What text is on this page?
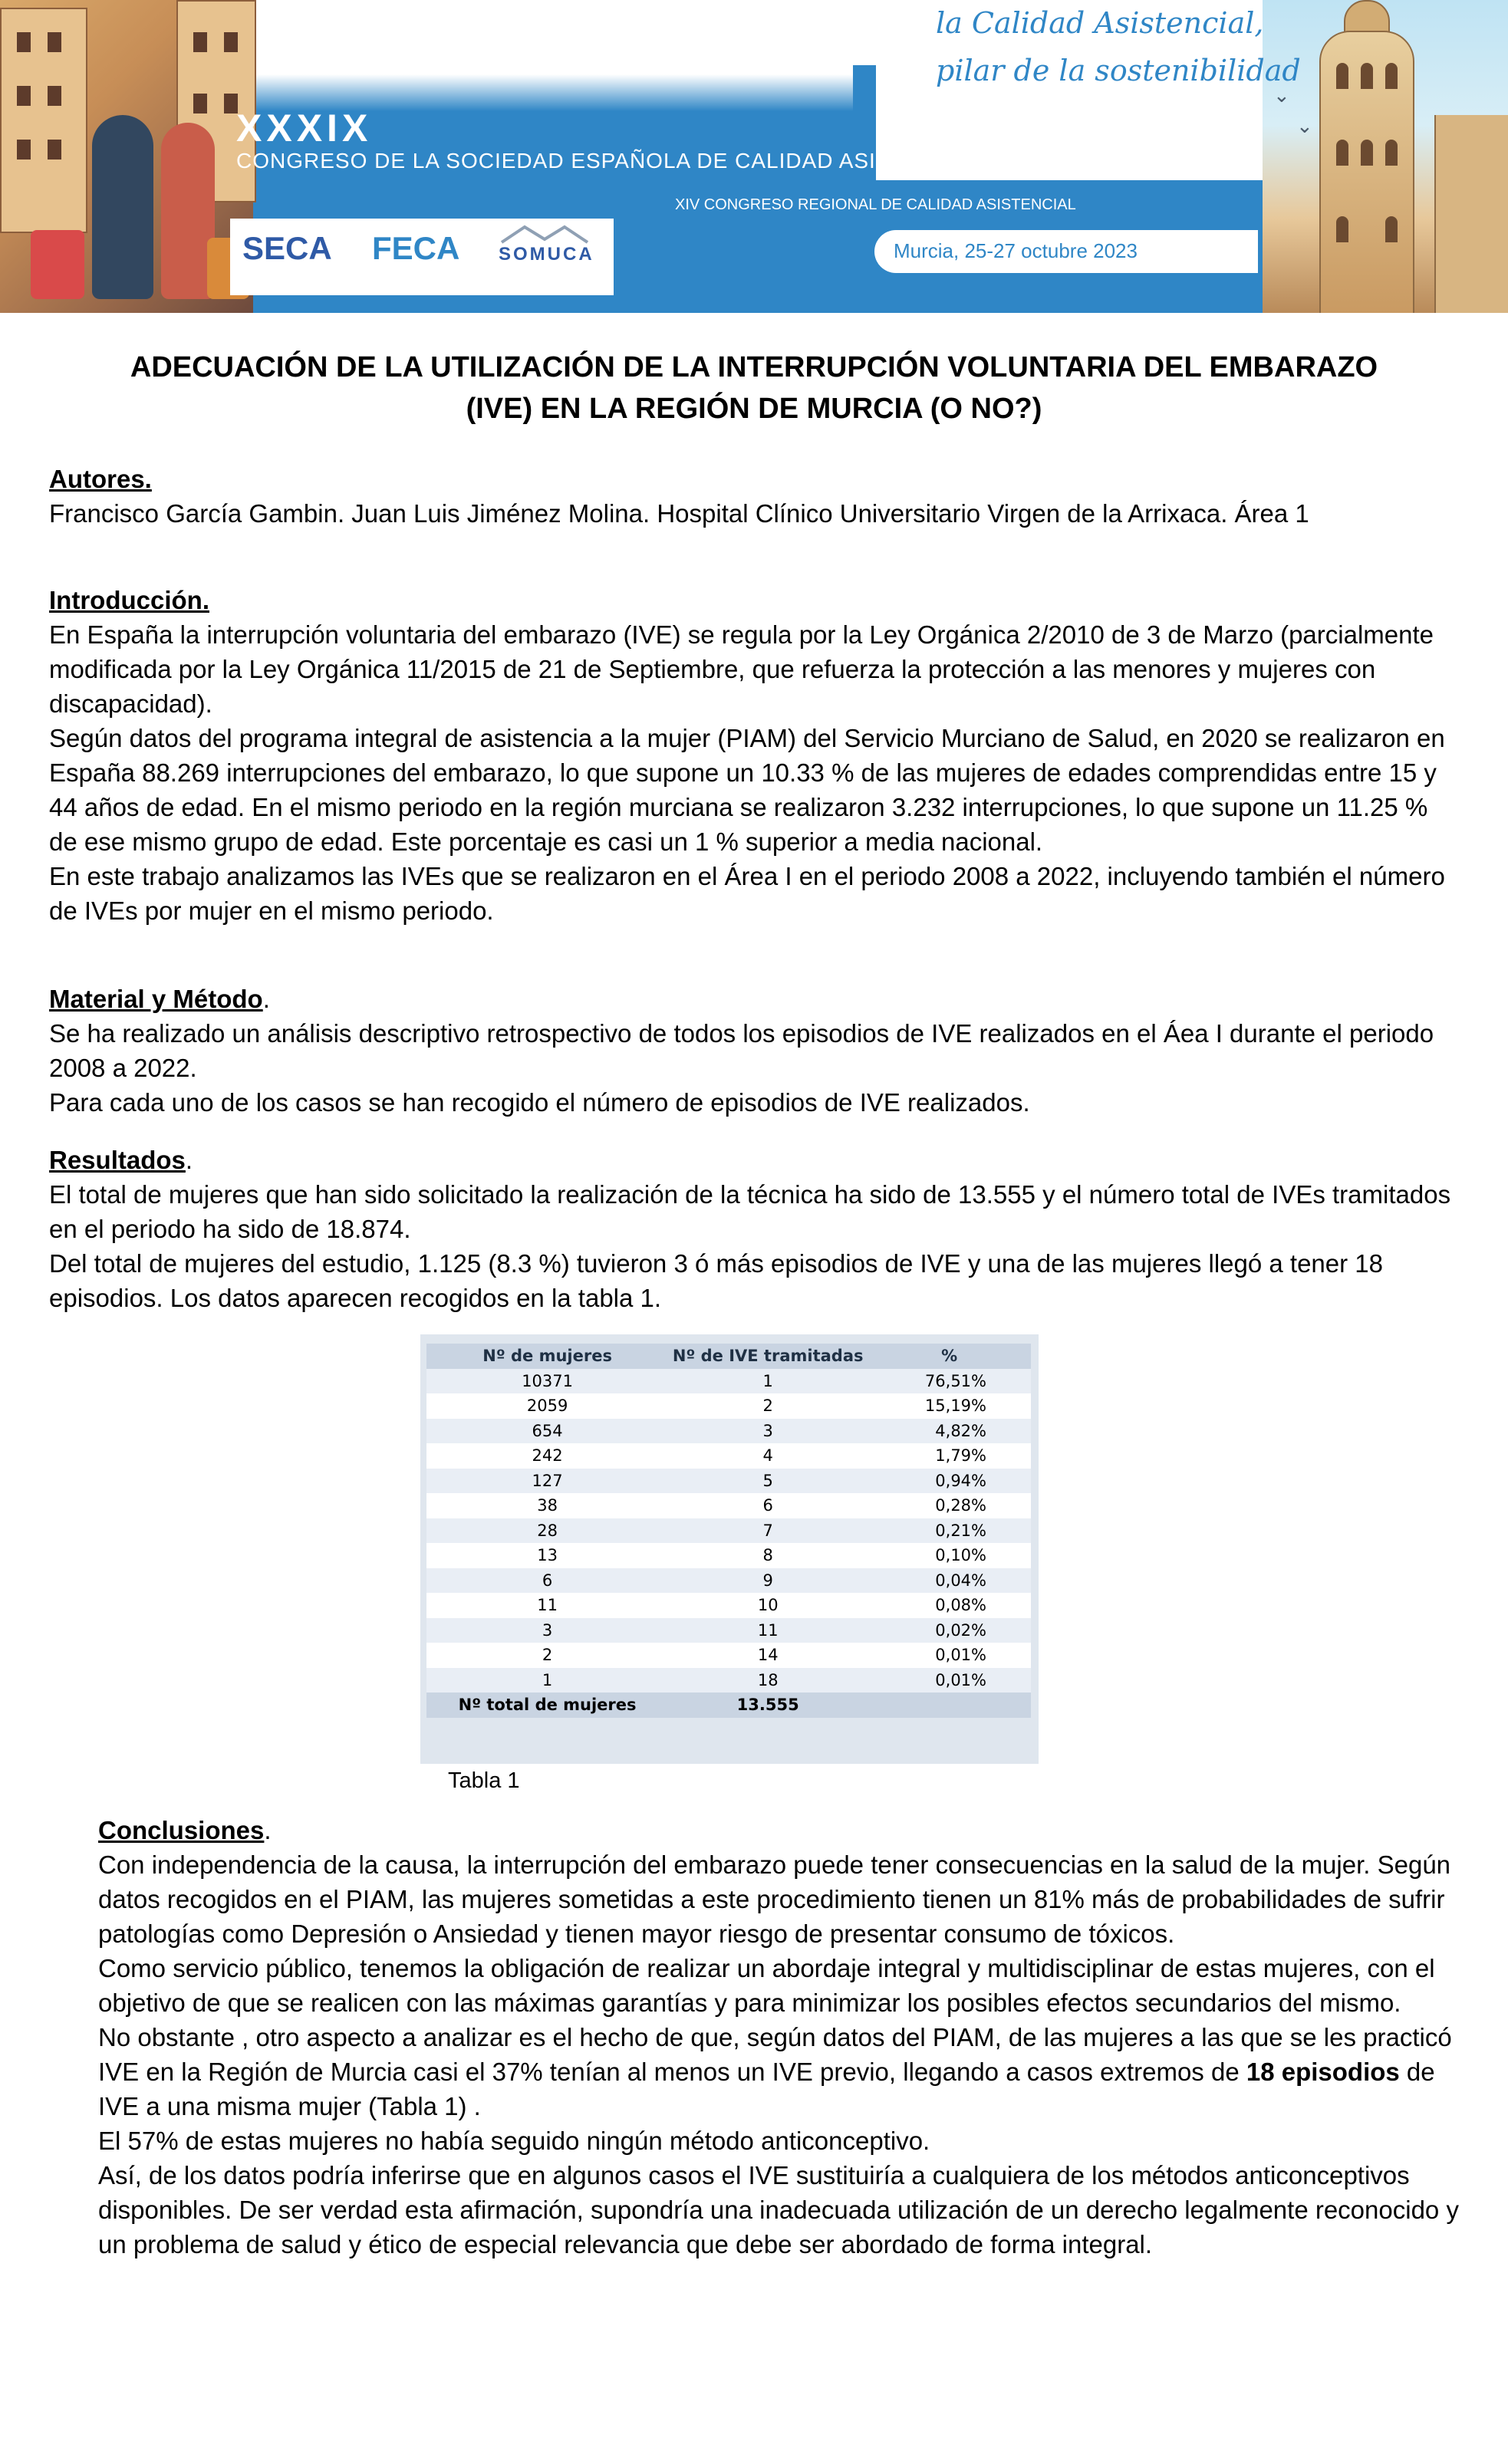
⌄
⌄
la Calidad Asistencial,
pilar de la sostenibilidad
XXXIX
CONGRESO DE LA SOCIEDAD ESPAÑOLA DE CALIDAD ASISTENCIAL
XIV CONGRESO REGIONAL DE CALIDAD ASISTENCIAL
SECA FECA SOMUCA	Murcia, 25-27 octubre 2023
ADECUACIÓN DE LA UTILIZACIÓN DE LA INTERRUPCIÓN VOLUNTARIA DEL EMBARAZO
(IVE) EN LA REGIÓN DE MURCIA (O NO?)
Autores.
Francisco García Gambin. Juan Luis Jiménez Molina. Hospital Clínico Universitario Virgen de la Arrixaca. Área 1
Introducción.
En España la interrupción voluntaria del embarazo (IVE) se regula por la Ley Orgánica 2/2010 de 3 de Marzo (parcialmente modificada por la Ley Orgánica 11/2015 de 21 de Septiembre, que refuerza la protección a las menores y mujeres con discapacidad).
Según datos del programa integral de asistencia a la mujer (PIAM) del Servicio Murciano de Salud, en 2020 se realizaron en España 88.269 interrupciones del embarazo, lo que supone un 10.33 % de las mujeres de edades comprendidas entre 15 y 44 años de edad. En el mismo periodo en la región murciana se realizaron 3.232 interrupciones, lo que supone un 11.25 % de ese mismo grupo de edad. Este porcentaje es casi un 1 % superior a media nacional.
En este trabajo analizamos las IVEs que se realizaron en el Área I en el periodo 2008 a 2022, incluyendo también el número de IVEs por mujer en el mismo periodo.
Material y Método.
Se ha realizado un análisis descriptivo retrospectivo de todos los episodios de IVE realizados en el Áea I durante el periodo 2008 a 2022.
Para cada uno de los casos se han recogido el número de episodios de IVE realizados.
Resultados.
El total de mujeres que han sido solicitado la realización de la técnica ha sido de 13.555 y el número total de IVEs tramitados en el periodo ha sido de 18.874.
Del total de mujeres del estudio, 1.125 (8.3 %) tuvieron 3 ó más episodios de IVE y una de las mujeres llegó a tener 18 episodios. Los datos aparecen recogidos en la tabla 1.
Nº de mujeres	Nº de IVE tramitadas	%
10371	1	76,51%
2059	2	15,19%
654	3	4,82%
242	4	1,79%
127	5	0,94%
38	6	0,28%
28	7	0,21%
13	8	0,10%
6	9	0,04%
11	10	0,08%
3	11	0,02%
2	14	0,01%
1	18	0,01%
Nº total de mujeres	13.555	
Tabla 1
Conclusiones.
Con independencia de la causa, la interrupción del embarazo puede tener consecuencias en la salud de la mujer. Según datos recogidos en el PIAM, las mujeres sometidas a este procedimiento tienen un 81% más de probabilidades de sufrir patologías como Depresión o Ansiedad y tienen mayor riesgo de presentar consumo de tóxicos.
Como servicio público, tenemos la obligación de realizar un abordaje integral y multidisciplinar de estas mujeres, con el objetivo de que se realicen con las máximas garantías y para minimizar los posibles efectos secundarios del mismo.
No obstante , otro aspecto a analizar es el hecho de que, según datos del PIAM, de las mujeres a las que se les practicó IVE en la Región de Murcia casi el 37% tenían al menos un IVE previo, llegando a casos extremos de 18 episodios de IVE a una misma mujer (Tabla 1) .
El 57% de estas mujeres no había seguido ningún método anticonceptivo.
Así, de los datos podría inferirse que en algunos casos el IVE sustituiría a cualquiera de los métodos anticonceptivos disponibles. De ser verdad esta afirmación, supondría una inadecuada utilización de un derecho legalmente reconocido y un problema de salud y ético de especial relevancia que debe ser abordado de forma integral.
